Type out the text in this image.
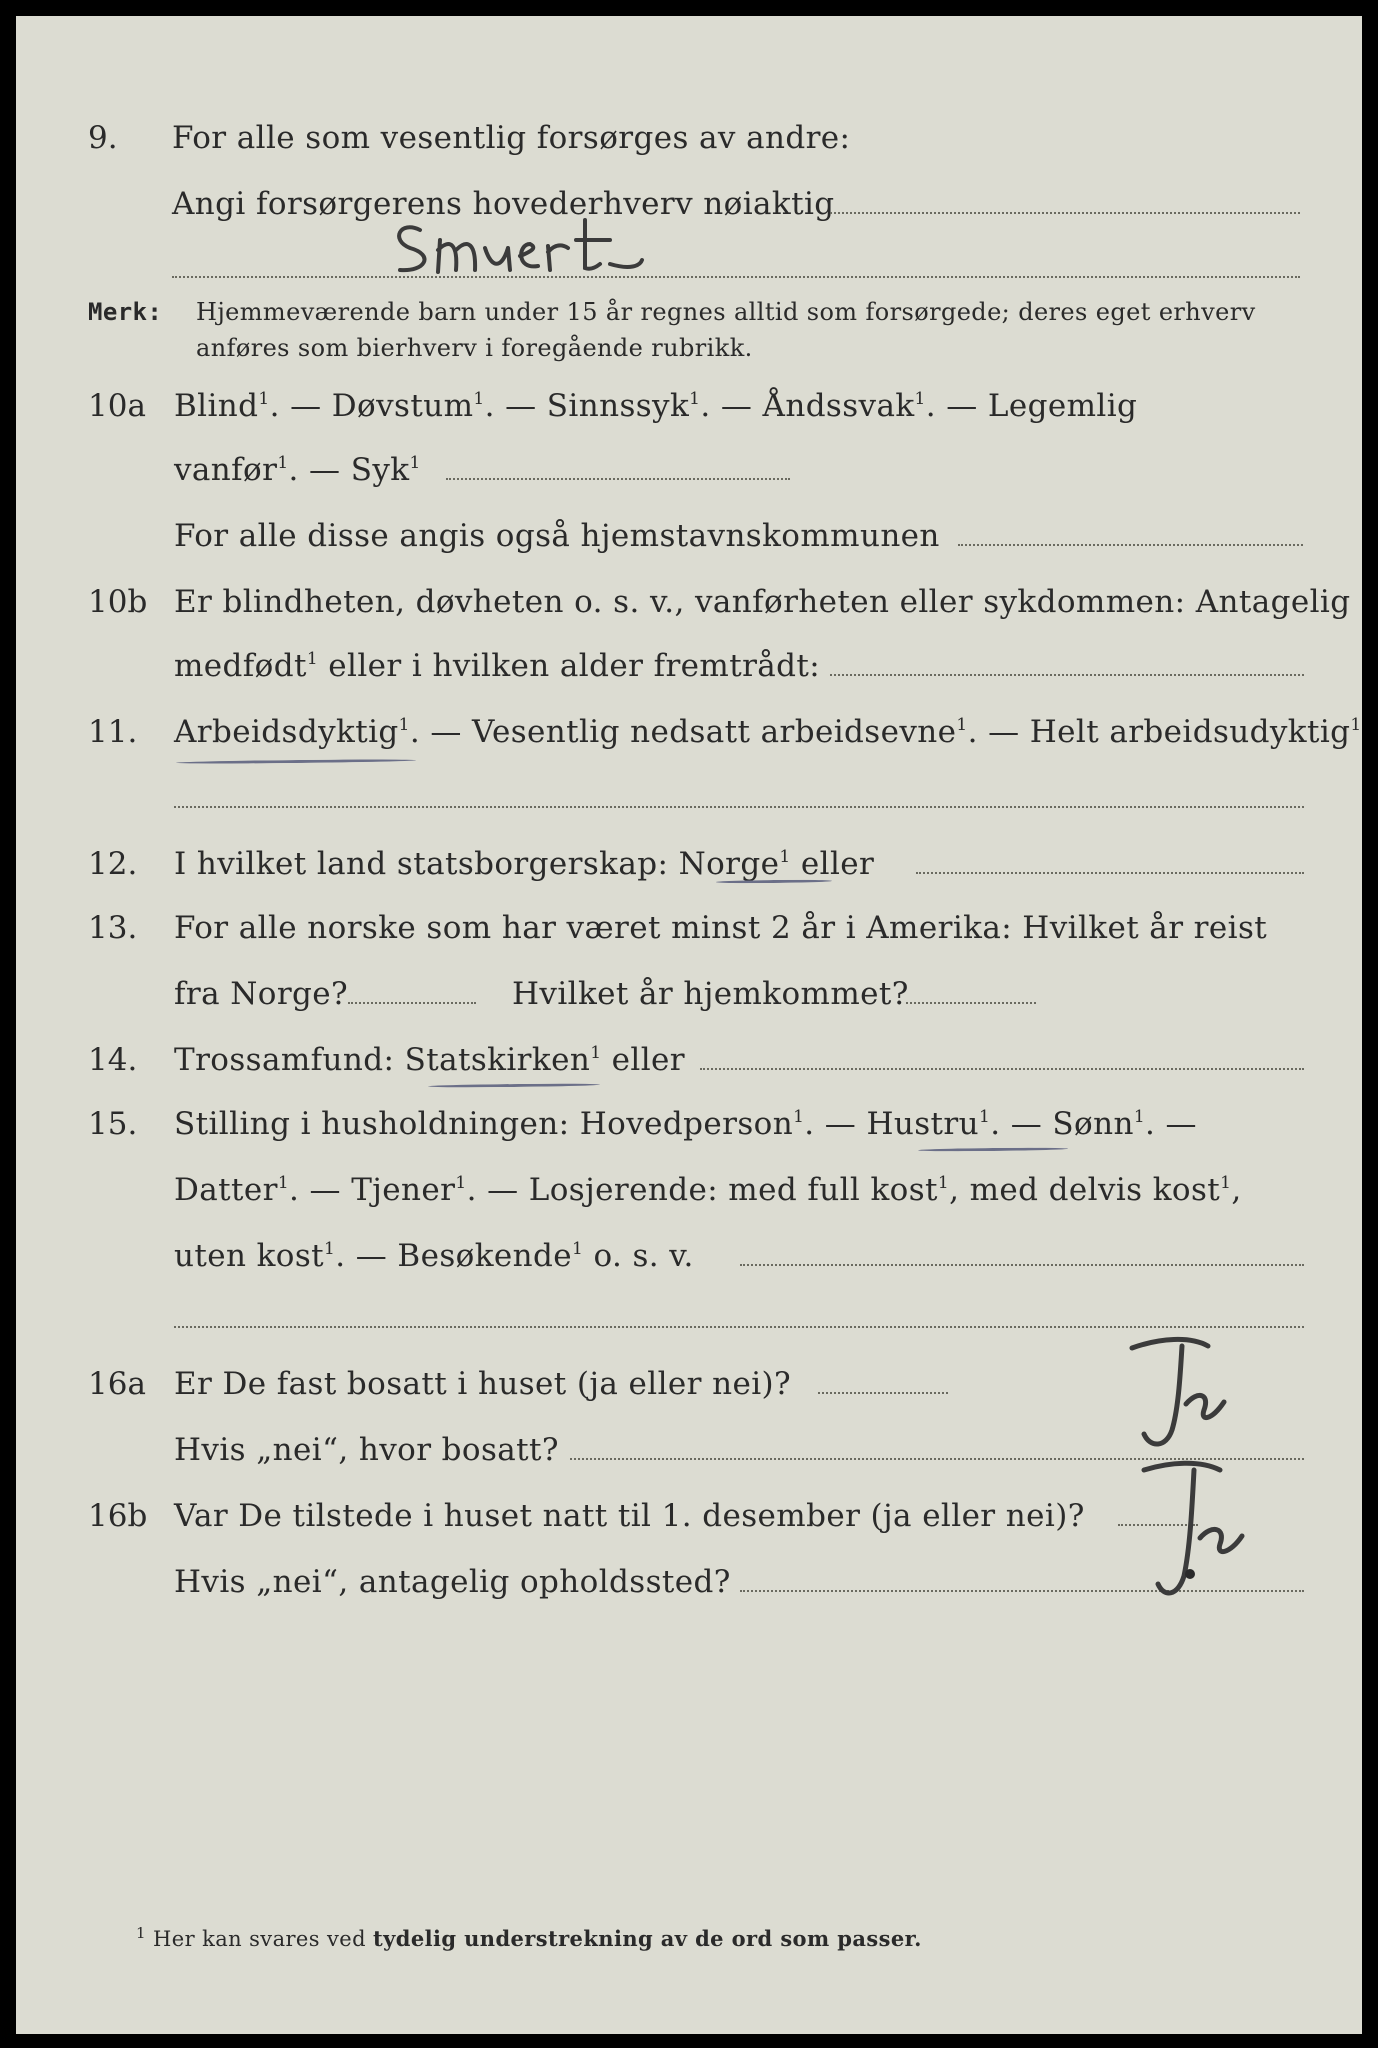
9. For alle som vesentlig forsørges av andre:
Angi forsørgerens hovederhverv nøiaktig
Merk: Hjemmeværende barn under 15 år regnes alltid som forsørgede; deres eget erhverv
anføres som bierhverv i foregående rubrikk.
10a Blind$^1$. — Døvstum$^1$. — Sinnssyk$^1$. — Åndssvak$^1$. — Legemlig
vanfør$^1$. — Syk$^1$
For alle disse angis også hjemstavnskommunen
10b Er blindheten, døvheten o. s. v., vanførheten eller sykdommen: Antagelig
medfødt$^1$ eller i hvilken alder fremtrådt:
11. Arbeidsdyktig$^1$. — Vesentlig nedsatt arbeidsevne$^1$. — Helt arbeidsudyktig$^1$
12. I hvilket land statsborgerskap: Norge$^1$ eller
13. For alle norske som har været minst 2 år i Amerika: Hvilket år reist
fra Norge?	Hvilket år hjemkommet?
14. Trossamfund: Statskirken$^1$ eller
15. Stilling i husholdningen: Hovedperson$^1$. — Hustru$^1$. — Sønn$^1$. —
Datter$^1$. — Tjener$^1$. — Losjerende: med full kost$^1$, med delvis kost$^1$,
uten kost$^1$. — Besøkende$^1$ o. s. v.
16a Er De fast bosatt i huset (ja eller nei)?
Hvis „nei“, hvor bosatt?
16b Var De tilstede i huset natt til 1. desember (ja eller nei)?
Hvis „nei“, antagelig opholdssted?
$^1$ Her kan svares ved tydelig understrekning av de ord som passer.
